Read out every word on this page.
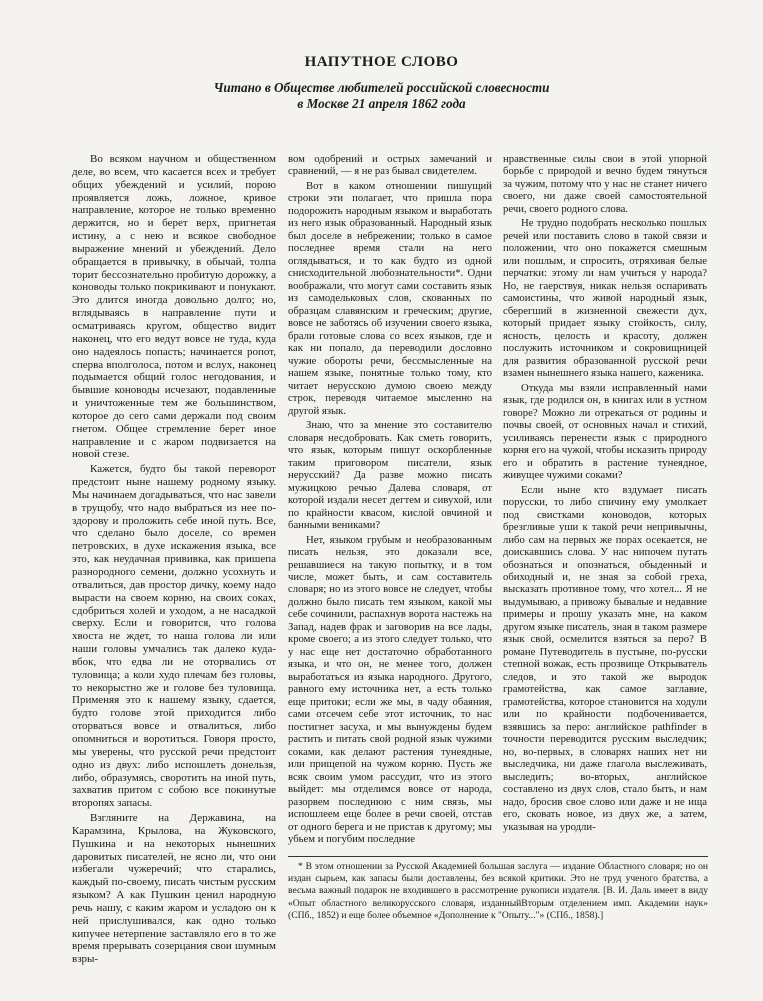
НАПУТНОЕ СЛОВО
Читано в Обществе любителей российской словесности
в Москве 21 апреля 1862 года

Во всяком научном и общественном деле, во всем, что касается всех и требует общих убеждений и усилий, порою проявляется ложь, ложное, кривое направление, которое не только временно держится, но и берет верх, пригнетая истину, а с нею и всякое свободное выражение мнений и убеждений. Дело обращается в привычку, в обычай, толпа торит бессознательно пробитую дорожку, а коноводы только покрикивают и понукают. Это длится иногда довольно долго; но, вглядываясь в направление пути и осматриваясь кругом, общество видит наконец, что его ведут вовсе не туда, куда оно надеялось попасть; начинается ропот, сперва вполголоса, потом и вслух, наконец подымается общий голос негодования, и бывшие коноводы исчезают, подавленные и уничтоженные тем же большинством, которое до сего сами держали под своим гнетом. Общее стремление берет иное направление и с жаром подвизается на новой стезе.

Кажется, будто бы такой переворот предстоит ныне нашему родному языку. Мы начинаем догадываться, что нас завели в трущобу, что надо выбраться из нее по-здорову и проложить себе иной путь. Все, что сделано было доселе, со времен петровских, в духе искажения языка, все это, как неудачная прививка, как пришепа разнородного семени, должно усохнуть и отвалиться, дав простор дичку, коему надо вырасти на своем корню, на своих соках, сдобриться холей и уходом, а не насадкой сверху. Если и говорится, что голова хвоста не ждет, то наша голова ли или наши головы умчались так далеко куда-вбок, что едва ли не оторвались от туловища; а коли худо плечам без головы, то некорыстно же и голове без туловища. Применяя это к нашему языку, сдается, будто голове этой приходится либо оторваться вовсе и отвалиться, либо опомниться и воротиться. Говоря просто, мы уверены, что русской речи предстоит одно из двух: либо испошлеть донельзя, либо, образумясь, своротить на иной путь, захватив притом с собою все покинутые второпях запасы.

Взгляните на Державина, на Карамзина, Крылова, на Жуковского, Пушкина и на некоторых нынешних даровитых писателей, не ясно ли, что они избегали чужеречий; что старались, каждый по-своему, писать чистым русским языком? А как Пушкин ценил народную речь нашу, с каким жаром и усладою он к ней прислушивался, как одно только кипучее нетерпение заставляло его в то же время прерывать созерцания свои шумным взры-

вом одобрений и острых замечаний и сравнений, — я не раз бывал свидетелем.

Вот в каком отношении пишущий строки эти полагает, что пришла пора подорожить народным языком и выработать из него язык образованный. Народный язык был доселе в небрежении; только в самое последнее время стали на него оглядываться, и то как будто из одной снисходительной любознательности*. Одни воображали, что могут сами составить язык из самодельковых слов, скованных по образцам славянским и греческим; другие, вовсе не заботясь об изучении своего языка, брали готовые слова со всех языков, где и как ни попало, да переводили дословно чужие обороты речи, бессмысленные на нашем языке, понятные только тому, кто читает нерусскою думою своею между строк, переводя читаемое мысленно на другой язык.

Знаю, что за мнение это составителю словаря несдобровать. Как сметь говорить, что язык, которым пишут оскорбленные таким приговором писатели, язык нерусский? Да разве можно писать мужицкою речью Далева словаря, от которой издали несет дегтем и сивухой, или по крайности квасом, кислой овчиной и банными вениками?

Нет, языком грубым и необразованным писать нельзя, это доказали все, решавшиеся на такую попытку, и в том числе, может быть, и сам составитель словаря; но из этого вовсе не следует, чтобы должно было писать тем языком, какой мы себе сочинили, распахнув ворота настежь на Запад, надев фрак и заговорив на все лады, кроме своего; а из этого следует только, что у нас еще нет достаточно обработанного языка, и что он, не менее того, должен выработаться из языка народного. Другого, равного ему источника нет, а есть только еще притоки; если же мы, в чаду обаяния, сами отсечем себе этот источник, то нас постигнет засуха, и мы вынуждены будем растить и питать свой родной язык чужими соками, как делают растения тунеядные, или прищепой на чужом корню. Пусть же всяк своим умом рассудит, что из этого выйдет: мы отделимся вовсе от народа, разорвем последнюю с ним связь, мы испошлеем еще более в речи своей, отстав от одного берега и не пристав к другому; мы убьем и погубим последние

нравственные силы свои в этой упорной борьбе с природой и вечно будем тянуться за чужим, потому что у нас не станет ничего своего, ни даже своей самостоятельной речи, своего родного слова.

Не трудно подобрать несколько пошлых речей или поставить слово в такой связи и положении, что оно покажется смешным или пошлым, и спросить, отряхивая белые перчатки: этому ли нам учиться у народа? Но, не гаерствуя, никак нельзя оспаривать самоистины, что живой народный язык, сберегший в жизненной свежести дух, который придает языку стойкость, силу, ясность, целость и красоту, должен послужить источником и сокровищницей для развития образованной русской речи взамен нынешнего языка нашего, каженика.

Откуда мы взяли исправленный нами язык, где родился он, в книгах или в устном говоре? Можно ли отрекаться от родины и почвы своей, от основных начал и стихий, усиливаясь перенести язык с природного корня его на чужой, чтобы исказить природу его и обратить в растение тунеядное, живущее чужими соками?

Если ныне кто вздумает писать порусски, то либо спичину ему умолкает под свистками коноводов, которых брезгливые уши к такой речи непривычны, либо сам на первых же порах осекается, не доискавшись слова. У нас нипочем путать обознаться и опознаться, обыденный и обиходный и, не зная за собой греха, высказать противное тому, что хотел... Я не выдумываю, а привожу бывалые и недавние примеры и прошу указать мне, на каком другом языке писатель, зная в таком размере язык свой, осмелится взяться за перо? В романе Путеводитель в пустыне, по-русски степной вожак, есть прозвище Открыватель следов, и это такой же выродок грамотейства, как самое заглавие, грамотейства, которое становится на ходули или по крайности подбочениваетcя, взявшись за перо: английское pathfinder в точности переводится русским выследчик; но, во-первых, в словарях наших нет ни выследчика, ни даже глагола выслеживать, выследить; во-вторых, английское составлено из двух слов, стало быть, и нам надо, бросив свое слово или даже и не ища его, сковать новое, из двух же, а затем, указывая на уродли-

* В этом отношении за Русской Академией большая заслуга — издание Областного словаря; но он издан сырьем, как запасы были доставлены, без всякой критики. Это не труд ученого братства, а весьма важный подарок не входившего в рассмотрение рукописи издателя. [В. И. Даль имеет в виду «Опыт областного великорусского словаря, изданныйВторым отделением имп. Академии наук» (СПб., 1852) и еще более объемное «Дополнение к "Опыту..."» (СПб., 1858).]
